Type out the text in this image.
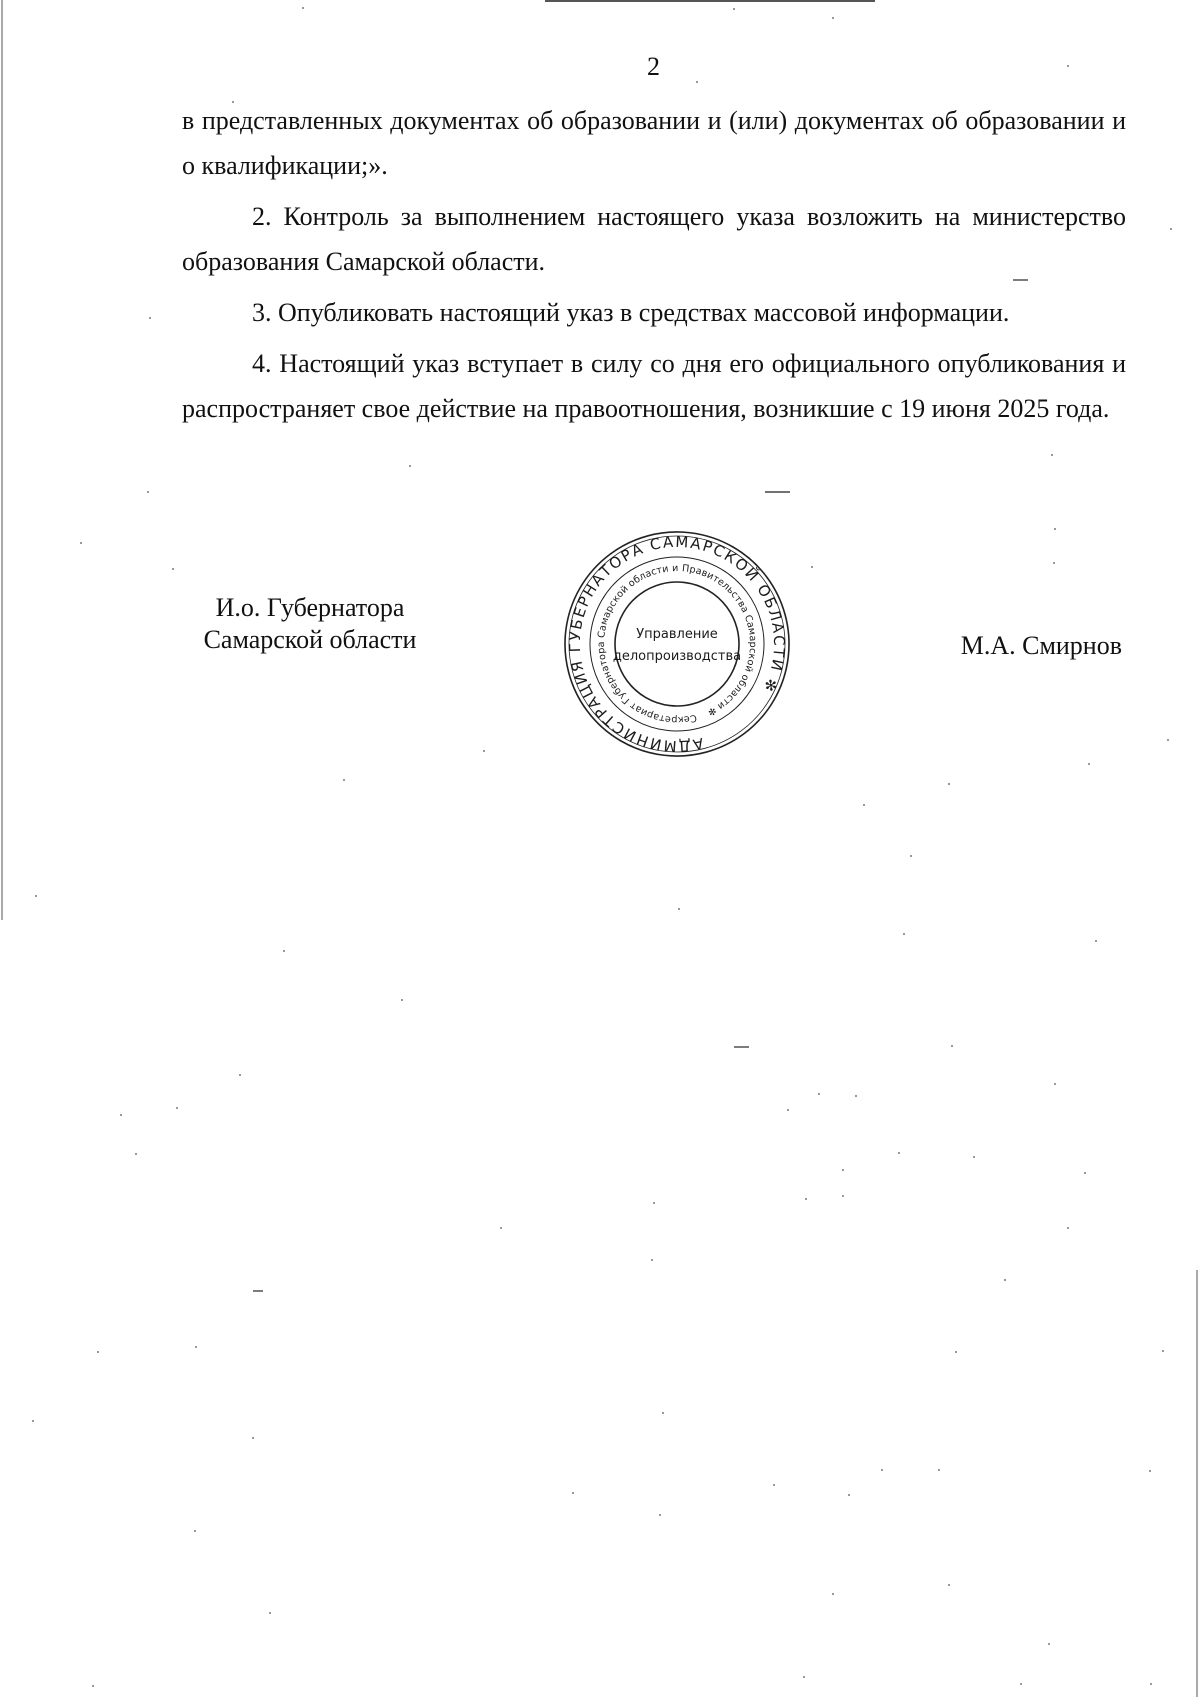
2

в представленных документах об образовании и (или) документах об образовании и о квалификации;».

2. Контроль за выполнением настоящего указа возложить на министерство образования Самарской области.

3. Опубликовать настоящий указ в средствах массовой информации.

4. Настоящий указ вступает в силу со дня его официального опубликования и распространяет свое действие на правоотношения, возникшие с 19 июня 2025 года.

И.о. Губернатора
Самарской области
АДМИНИСТРАЦИЯ ГУБЕРНАТОРА САМАРСКОЙ ОБЛАСТИ ✻
Секретариат Губернатора Самарской области и Правительства Самарской области ✻
Управление
делопроизводства	М.А. Смирнов
